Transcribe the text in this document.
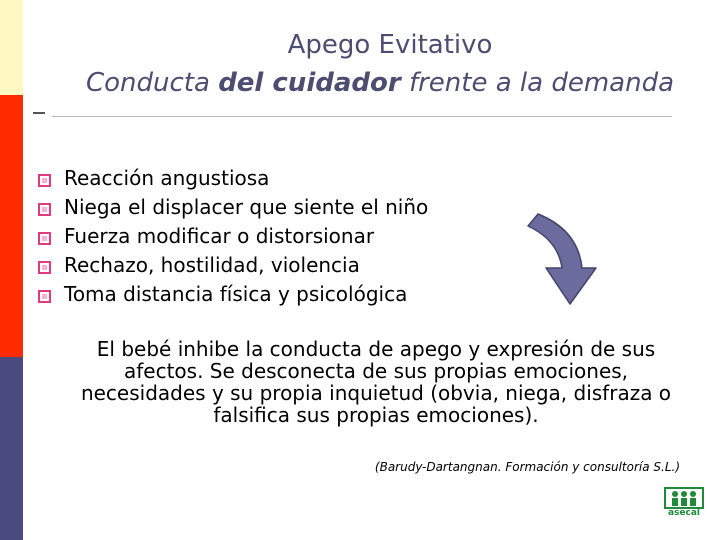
Apego Evitativo
Conducta del cuidador frente a la demanda
Reacción angustiosa
Niega el displacer que siente el niño
Fuerza modificar o distorsionar
Rechazo, hostilidad, violencia
Toma distancia física y psicológica
El bebé inhibe la conducta de apego y expresión de sus afectos. Se desconecta de sus propias emociones, necesidades y su propia inquietud (obvia, niega, disfraza o falsifica sus propias emociones).
(Barudy-Dartangnan. Formación y consultoría S.L.)
asecal
